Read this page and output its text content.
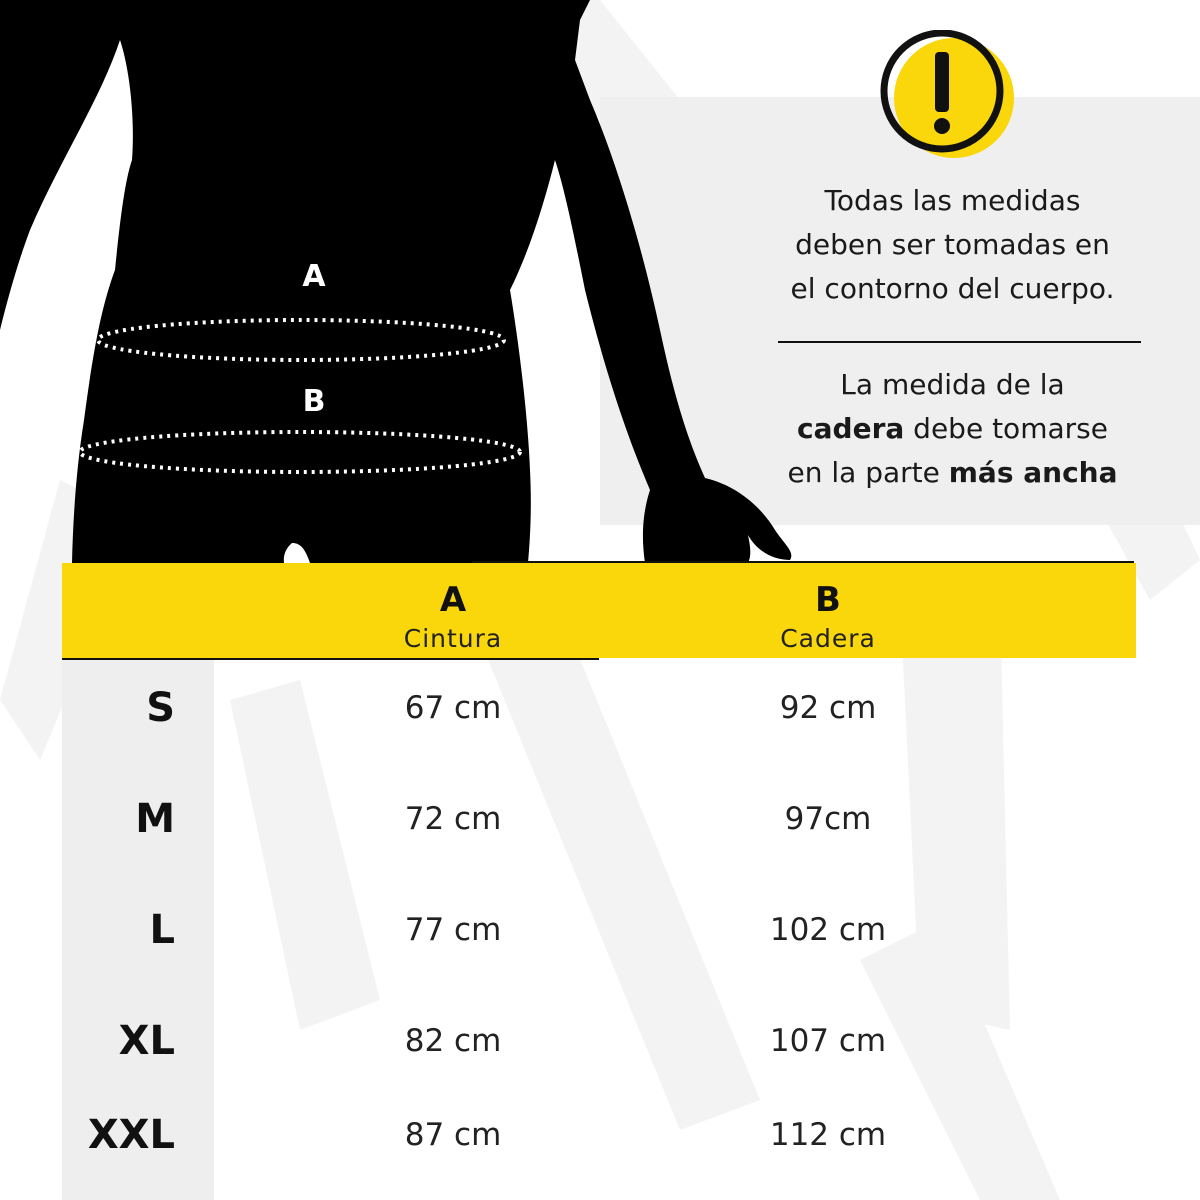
A
B

Todas las medidas
deben ser tomadas en
el contorno del cuerpo.

La medida de la
cadera debe tomarse
en la parte más ancha

A
Cintura
B
Cadera
S	67 cm	92 cm
M	72 cm	97cm
L	77 cm	102 cm
XL	82 cm	107 cm
XXL	87 cm	112 cm
